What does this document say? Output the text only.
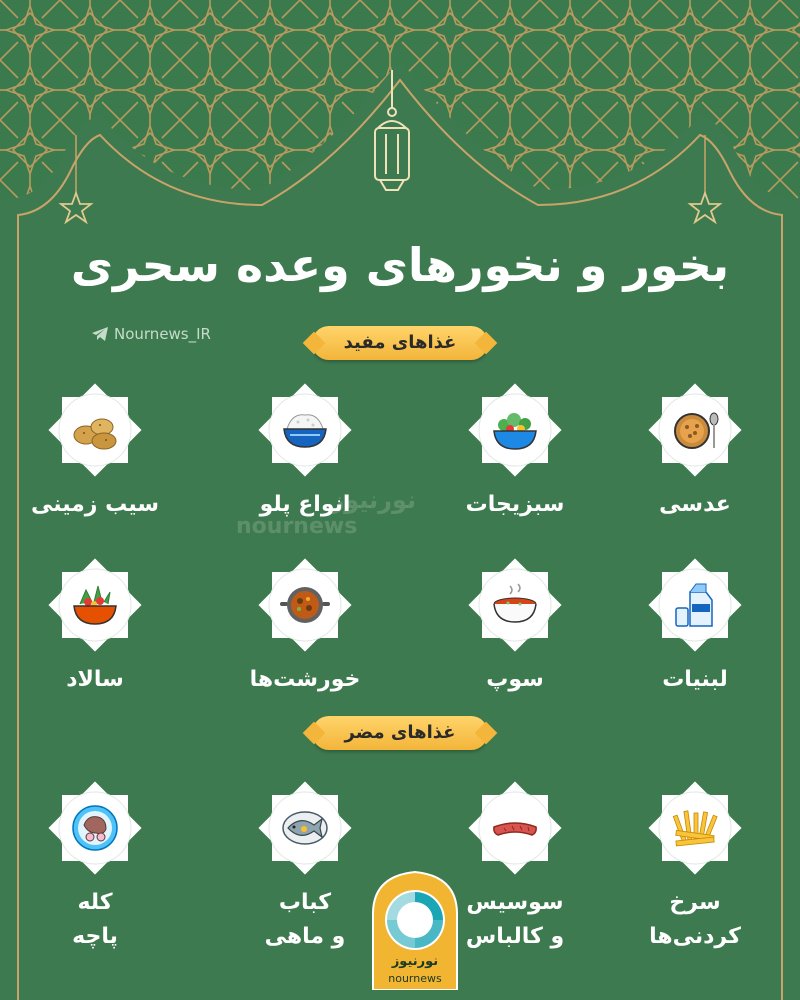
بخور و نخورهای وعده سحری
Nournews_IR	غذاهای مفید
غذاهای مضر
نورنیوز
nournews
عدسی
سبزیجات
انواع پلو
سیب زمینی
لبنیات
سوپ
خورشت‌ها
سالاد
سرخ
کردنی‌ها
سوسیس
و کالباس
کباب
و ماهی
کله
پاچه
نورنیوز
nournews
